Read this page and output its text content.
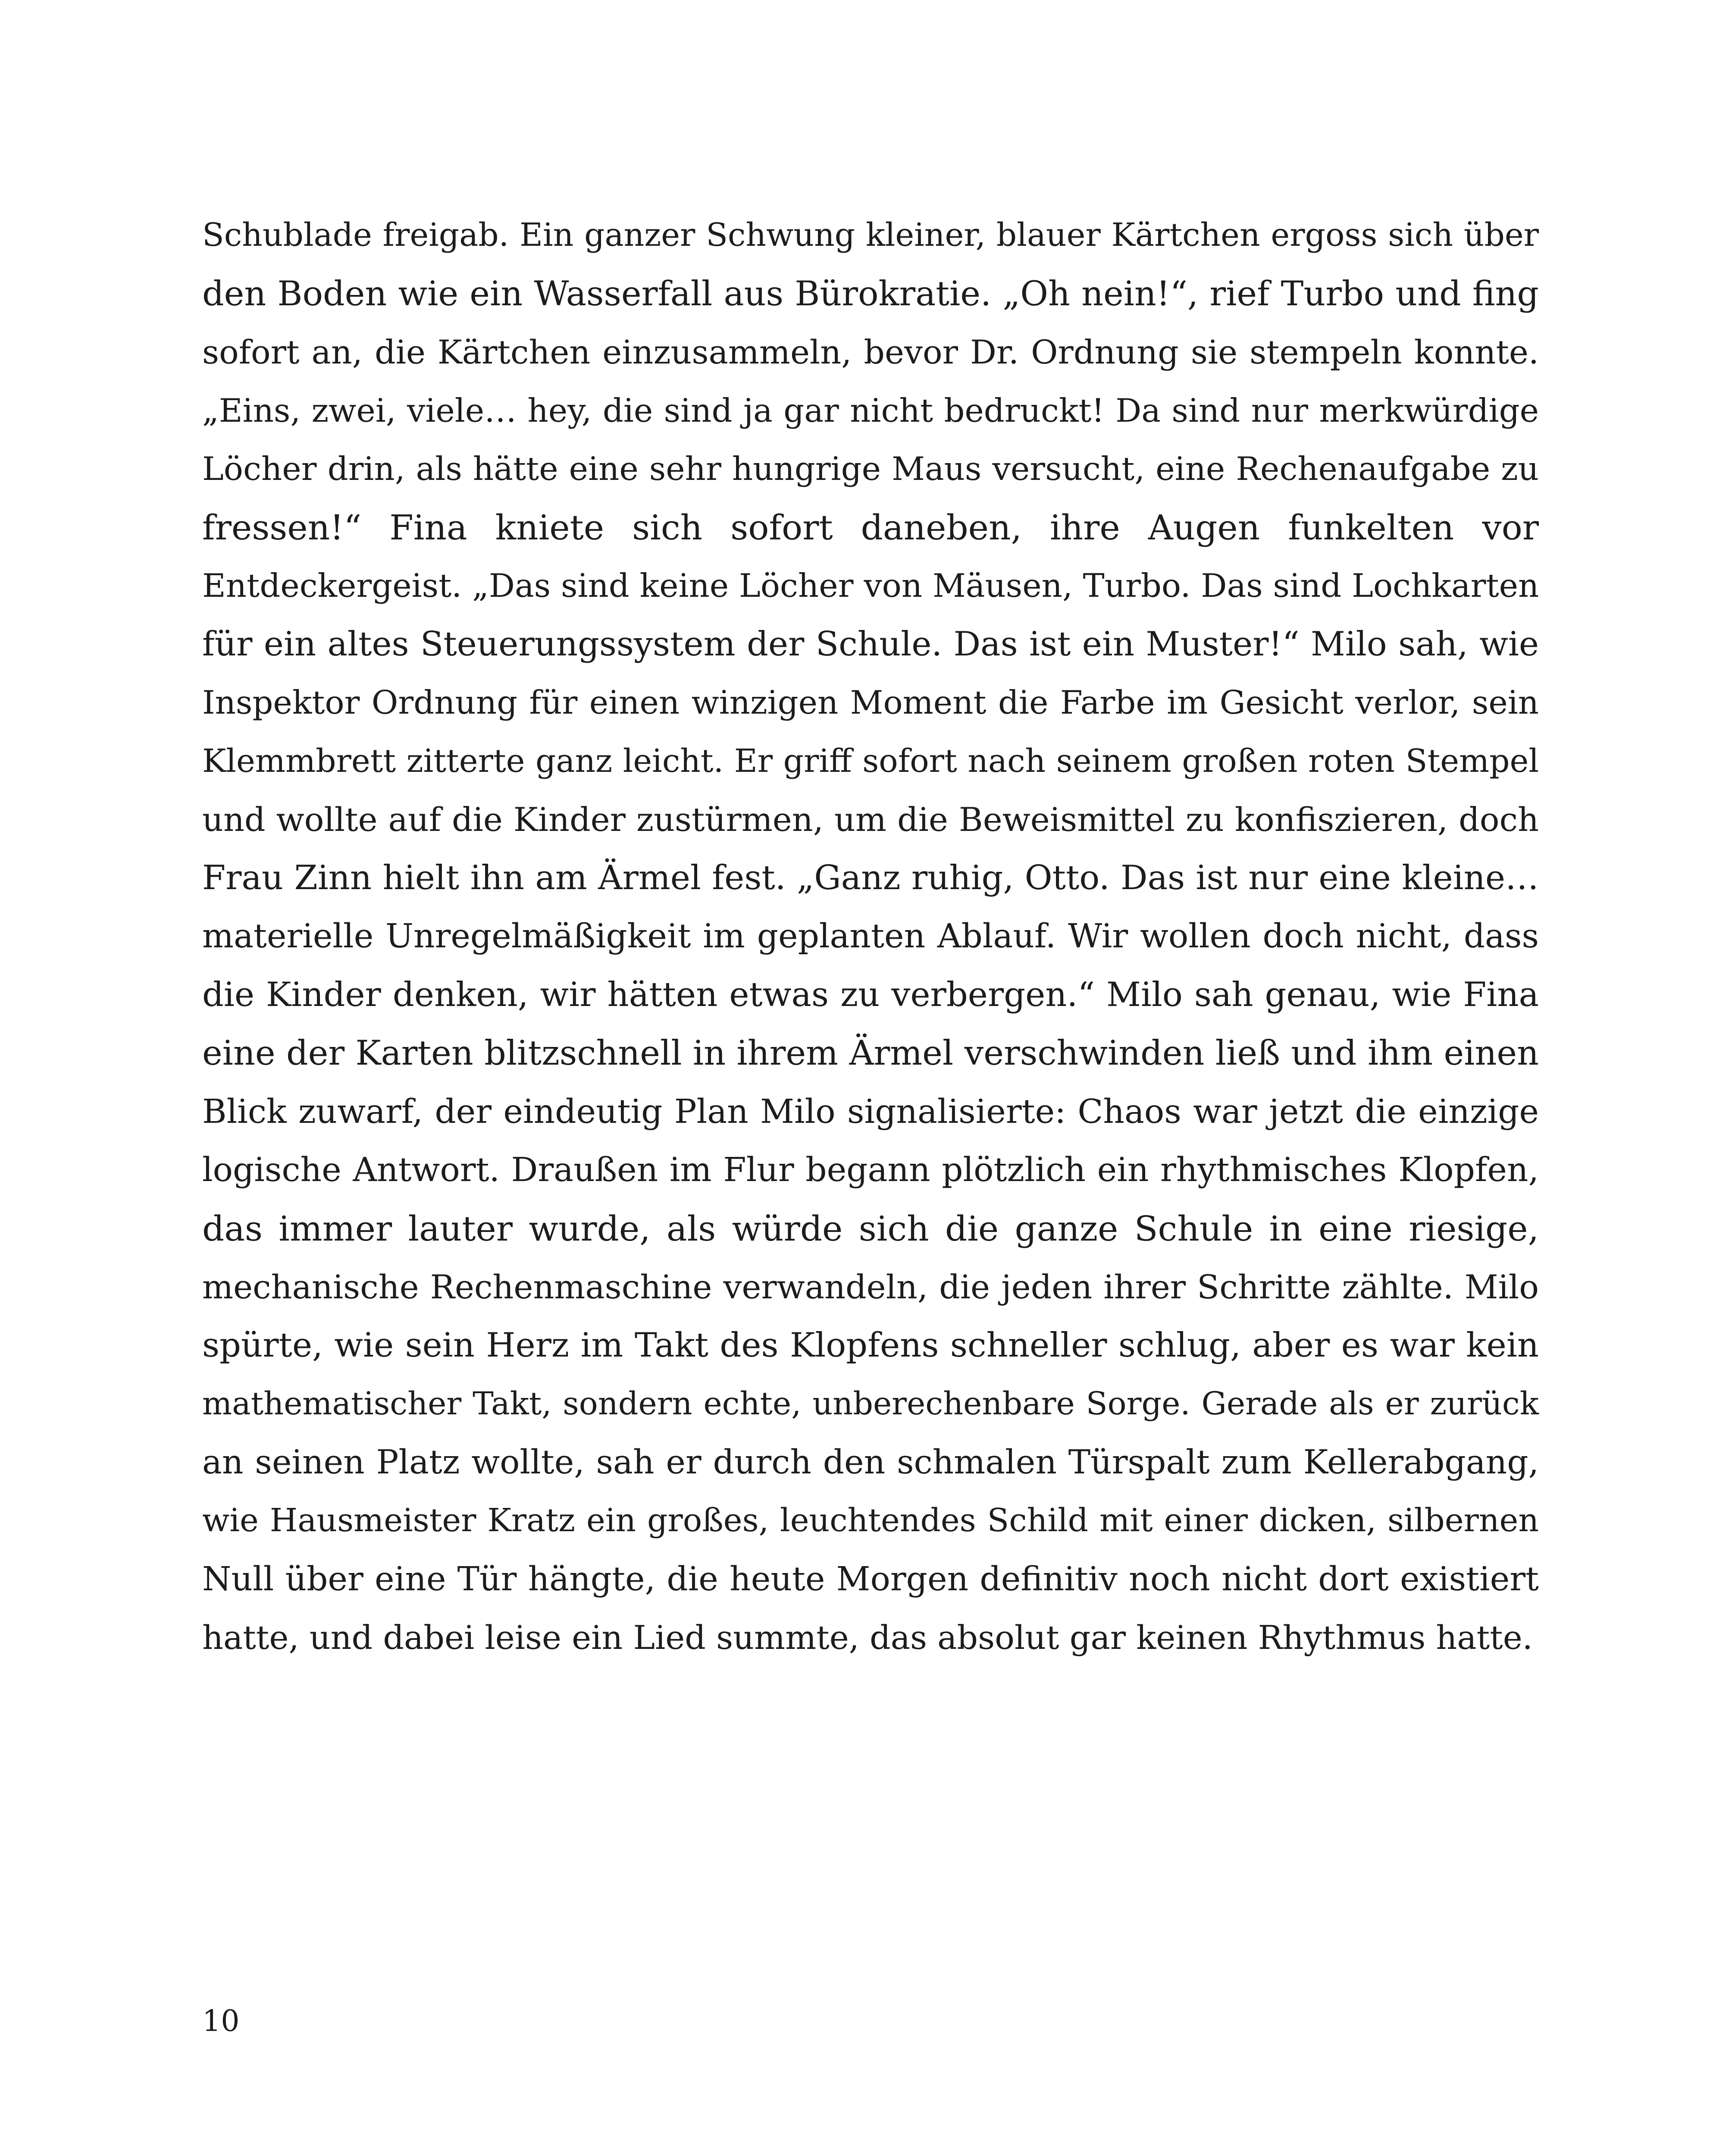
Schublade freigab. Ein ganzer Schwung kleiner, blauer Kärtchen ergoss sich über
den Boden wie ein Wasserfall aus Bürokratie. „Oh nein!“, rief Turbo und fing
sofort an, die Kärtchen einzusammeln, bevor Dr. Ordnung sie stempeln konnte.
„Eins, zwei, viele… hey, die sind ja gar nicht bedruckt! Da sind nur merkwürdige
Löcher drin, als hätte eine sehr hungrige Maus versucht, eine Rechenaufgabe zu
fressen!“ Fina kniete sich sofort daneben, ihre Augen funkelten vor
Entdeckergeist. „Das sind keine Löcher von Mäusen, Turbo. Das sind Lochkarten
für ein altes Steuerungssystem der Schule. Das ist ein Muster!“ Milo sah, wie
Inspektor Ordnung für einen winzigen Moment die Farbe im Gesicht verlor, sein
Klemmbrett zitterte ganz leicht. Er griff sofort nach seinem großen roten Stempel
und wollte auf die Kinder zustürmen, um die Beweismittel zu konfiszieren, doch
Frau Zinn hielt ihn am Ärmel fest. „Ganz ruhig, Otto. Das ist nur eine kleine…
materielle Unregelmäßigkeit im geplanten Ablauf. Wir wollen doch nicht, dass
die Kinder denken, wir hätten etwas zu verbergen.“ Milo sah genau, wie Fina
eine der Karten blitzschnell in ihrem Ärmel verschwinden ließ und ihm einen
Blick zuwarf, der eindeutig Plan Milo signalisierte: Chaos war jetzt die einzige
logische Antwort. Draußen im Flur begann plötzlich ein rhythmisches Klopfen,
das immer lauter wurde, als würde sich die ganze Schule in eine riesige,
mechanische Rechenmaschine verwandeln, die jeden ihrer Schritte zählte. Milo
spürte, wie sein Herz im Takt des Klopfens schneller schlug, aber es war kein
mathematischer Takt, sondern echte, unberechenbare Sorge. Gerade als er zurück
an seinen Platz wollte, sah er durch den schmalen Türspalt zum Kellerabgang,
wie Hausmeister Kratz ein großes, leuchtendes Schild mit einer dicken, silbernen
Null über eine Tür hängte, die heute Morgen definitiv noch nicht dort existiert
hatte, und dabei leise ein Lied summte, das absolut gar keinen Rhythmus hatte.
10
